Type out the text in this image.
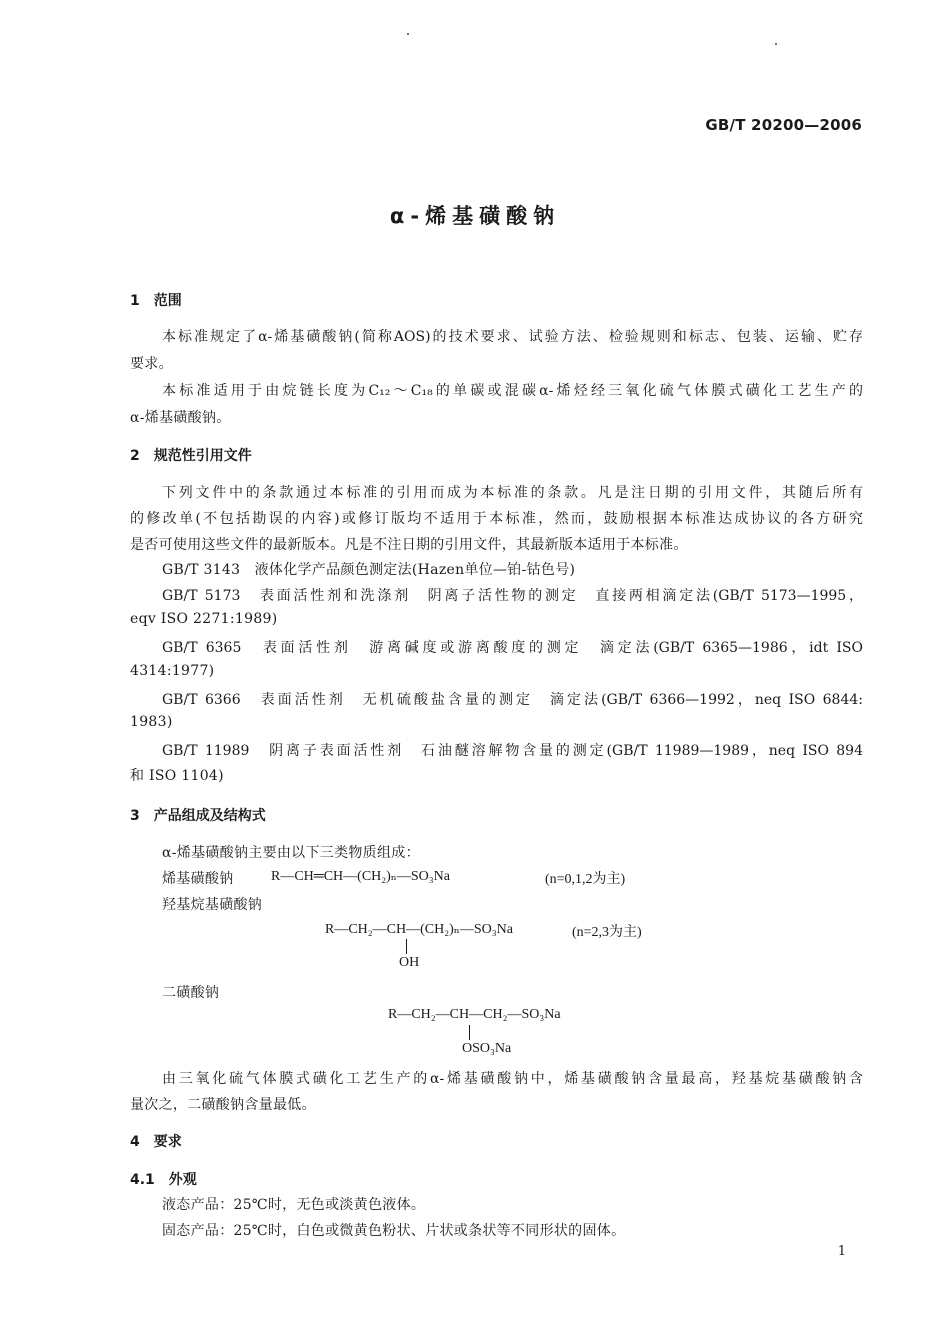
GB/T 20200—2006
α-烯基磺酸钠
1　范围
本标准规定了α-烯基磺酸钠(简称AOS)的技术要求、试验方法、检验规则和标志、包装、运输、贮存
要求。
本标准适用于由烷链长度为C₁₂～C₁₈的单碳或混碳α-烯烃经三氧化硫气体膜式磺化工艺生产的
α-烯基磺酸钠。
2　规范性引用文件
下列文件中的条款通过本标准的引用而成为本标准的条款。凡是注日期的引用文件，其随后所有
的修改单(不包括勘误的内容)或修订版均不适用于本标准，然而，鼓励根据本标准达成协议的各方研究
是否可使用这些文件的最新版本。凡是不注日期的引用文件，其最新版本适用于本标准。
GB/T 3143　液体化学产品颜色测定法(Hazen单位—铂-钴色号)
GB/T 5173　表面活性剂和洗涤剂　阴离子活性物的测定　直接两相滴定法(GB/T 5173—1995，
eqv ISO 2271:1989)
GB/T 6365　表面活性剂　游离碱度或游离酸度的测定　滴定法(GB/T 6365—1986，idt ISO
4314:1977)
GB/T 6366　表面活性剂　无机硫酸盐含量的测定　滴定法(GB/T 6366—1992，neq ISO 6844:
1983)
GB/T 11989　阴离子表面活性剂　石油醚溶解物含量的测定(GB/T 11989—1989，neq ISO 894
和 ISO 1104)
3　产品组成及结构式
α-烯基磺酸钠主要由以下三类物质组成：
烯基磺酸钠	R—CH═CH—(CH₂)ₙ—SO₃Na	(n=0,1,2为主)
羟基烷基磺酸钠
R—CH₂—CH—(CH₂)ₙ—SO₃Na	(n=2,3为主)
OH
二磺酸钠
R—CH₂—CH—CH₂—SO₃Na
OSO₃Na
由三氧化硫气体膜式磺化工艺生产的α-烯基磺酸钠中，烯基磺酸钠含量最高，羟基烷基磺酸钠含
量次之，二磺酸钠含量最低。
4　要求
4.1　外观
液态产品：25℃时，无色或淡黄色液体。
固态产品：25℃时，白色或微黄色粉状、片状或条状等不同形状的固体。
1
